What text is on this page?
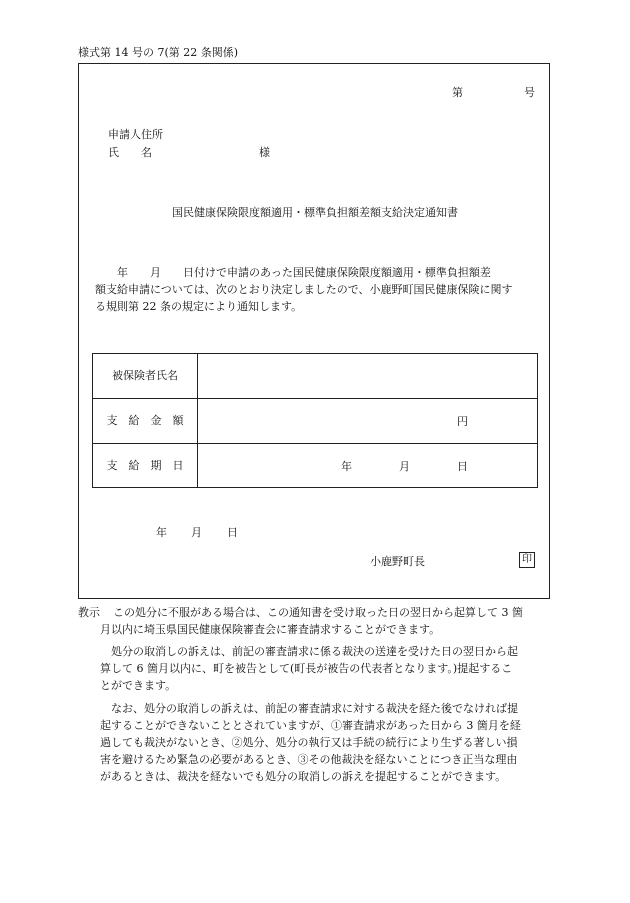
様式第 14 号の 7(第 22 条関係)
第	号
申請人住所
氏　　名	様
国民健康保険限度額適用・標準負担額差額支給決定通知書
　　年　　月　　日付けで申請のあった国民健康保険限度額適用・標準負担額差
額支給申請については、次のとおり決定しましたので、小鹿野町国民健康保険に関す
る規則第 22 条の規定により通知します。
被保険者氏名
支　給　金　額	円
支　給　期　日	年	月	日
年 月 日
小鹿野町長	印
教示 この処分に不服がある場合は、この通知書を受け取った日の翌日から起算して 3 箇
月以内に埼玉県国民健康保険審査会に審査請求することができます。
　処分の取消しの訴えは、前記の審査請求に係る裁決の送達を受けた日の翌日から起
算して 6 箇月以内に、町を被告として(町長が被告の代表者となります。)提起するこ
とができます。
　なお、処分の取消しの訴えは、前記の審査請求に対する裁決を経た後でなければ提
起することができないこととされていますが、①審査請求があった日から 3 箇月を経
過しても裁決がないとき、②処分、処分の執行又は手続の続行により生ずる著しい損
害を避けるため緊急の必要があるとき、③その他裁決を経ないことにつき正当な理由
があるときは、裁決を経ないでも処分の取消しの訴えを提起することができます。
